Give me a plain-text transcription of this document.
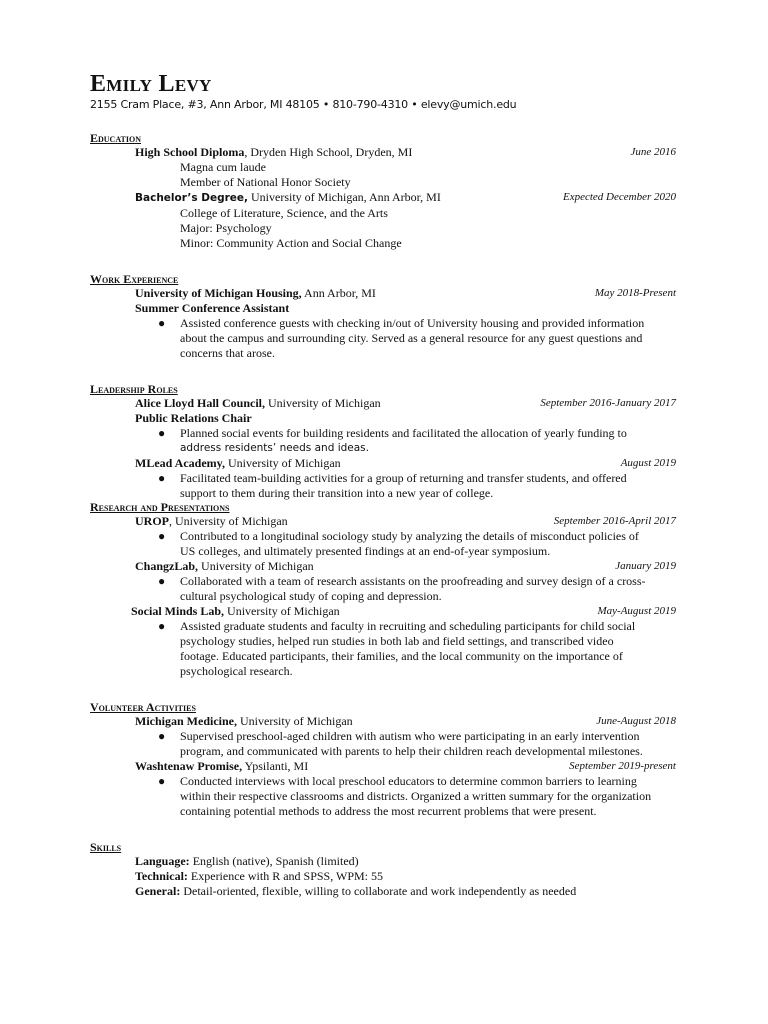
Emily Levy

2155 Cram Place, #3, Ann Arbor, MI 48105 • 810-790-4310 • elevy@umich.edu

Education
High School Diploma, Dryden High School, Dryden, MI	June 2016
Magna cum laude
Member of National Honor Society
Bachelor’s Degree, University of Michigan, Ann Arbor, MI	Expected December 2020
College of Literature, Science, and the Arts
Major: Psychology
Minor: Community Action and Social Change
Work Experience
University of Michigan Housing, Ann Arbor, MI	May 2018-Present
Summer Conference Assistant
● Assisted conference guests with checking in/out of University housing and provided information
about the campus and surrounding city. Served as a general resource for any guest questions and
concerns that arose.
Leadership Roles
Alice Lloyd Hall Council, University of Michigan	September 2016-January 2017
Public Relations Chair
● Planned social events for building residents and facilitated the allocation of yearly funding to
address residents’ needs and ideas.
MLead Academy, University of Michigan	August 2019
● Facilitated team-building activities for a group of returning and transfer students, and offered
support to them during their transition into a new year of college.
Research and Presentations
UROP, University of Michigan	September 2016-April 2017
● Contributed to a longitudinal sociology study by analyzing the details of misconduct policies of
US colleges, and ultimately presented findings at an end-of-year symposium.
ChangzLab, University of Michigan	January 2019
● Collaborated with a team of research assistants on the proofreading and survey design of a cross-
cultural psychological study of coping and depression.
Social Minds Lab, University of Michigan	May-August 2019
● Assisted graduate students and faculty in recruiting and scheduling participants for child social
psychology studies, helped run studies in both lab and field settings, and transcribed video
footage. Educated participants, their families, and the local community on the importance of
psychological research.
Volunteer Activities
Michigan Medicine, University of Michigan	June-August 2018
● Supervised preschool-aged children with autism who were participating in an early intervention
program, and communicated with parents to help their children reach developmental milestones.
Washtenaw Promise, Ypsilanti, MI	September 2019-present
● Conducted interviews with local preschool educators to determine common barriers to learning
within their respective classrooms and districts. Organized a written summary for the organization
containing potential methods to address the most recurrent problems that were present.
Skills
Language: English (native), Spanish (limited)
Technical: Experience with R and SPSS, WPM: 55
General: Detail-oriented, flexible, willing to collaborate and work independently as needed
